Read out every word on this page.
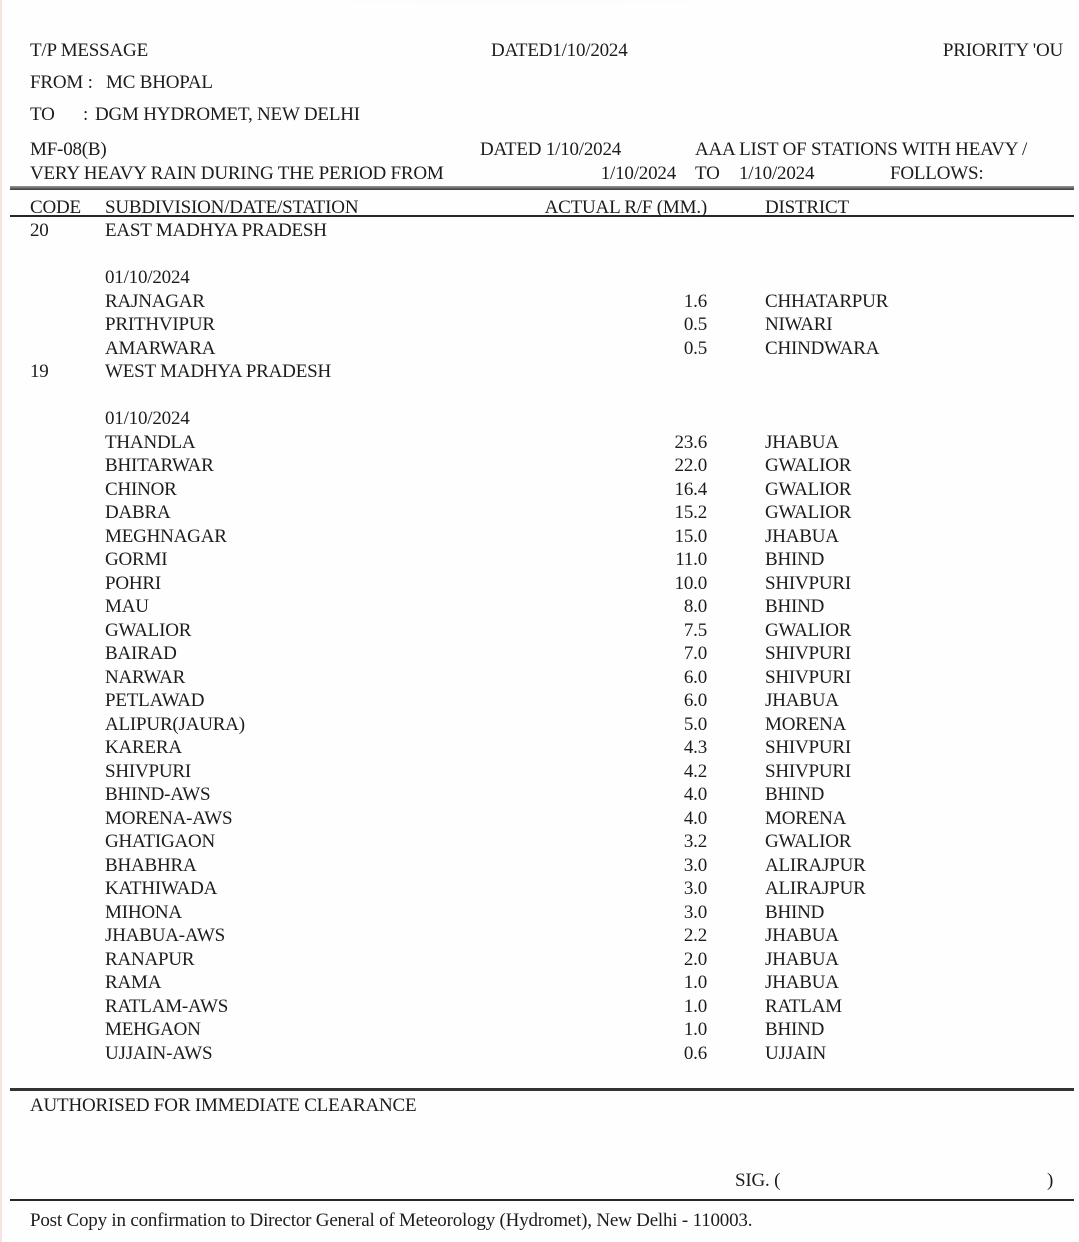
T/P MESSAGE	DATED1/10/2024	PRIORITY 'OU
FROM : MC BHOPAL
TO : DGM HYDROMET, NEW DELHI
MF-08(B)	DATED 1/10/2024	AAA LIST OF STATIONS WITH HEAVY /
VERY HEAVY RAIN DURING THE PERIOD FROM	1/10/2024 TO 1/10/2024	FOLLOWS:
CODE SUBDIVISION/DATE/STATION	ACTUAL R/F (MM.)	DISTRICT
20	EAST MADHYA PRADESH
01/10/2024
RAJNAGAR	1.6	CHHATARPUR
PRITHVIPUR	0.5	NIWARI
AMARWARA	0.5	CHINDWARA
19	WEST MADHYA PRADESH
01/10/2024
THANDLA	23.6	JHABUA
BHITARWAR	22.0	GWALIOR
CHINOR	16.4	GWALIOR
DABRA	15.2	GWALIOR
MEGHNAGAR	15.0	JHABUA
GORMI	11.0	BHIND
POHRI	10.0	SHIVPURI
MAU	8.0	BHIND
GWALIOR	7.5	GWALIOR
BAIRAD	7.0	SHIVPURI
NARWAR	6.0	SHIVPURI
PETLAWAD	6.0	JHABUA
ALIPUR(JAURA)	5.0	MORENA
KARERA	4.3	SHIVPURI
SHIVPURI	4.2	SHIVPURI
BHIND-AWS	4.0	BHIND
MORENA-AWS	4.0	MORENA
GHATIGAON	3.2	GWALIOR
BHABHRA	3.0	ALIRAJPUR
KATHIWADA	3.0	ALIRAJPUR
MIHONA	3.0	BHIND
JHABUA-AWS	2.2	JHABUA
RANAPUR	2.0	JHABUA
RAMA	1.0	JHABUA
RATLAM-AWS	1.0	RATLAM
MEHGAON	1.0	BHIND
UJJAIN-AWS	0.6	UJJAIN
AUTHORISED FOR IMMEDIATE CLEARANCE
SIG. (	)
Post Copy in confirmation to Director General of Meteorology (Hydromet), New Delhi - 110003.
